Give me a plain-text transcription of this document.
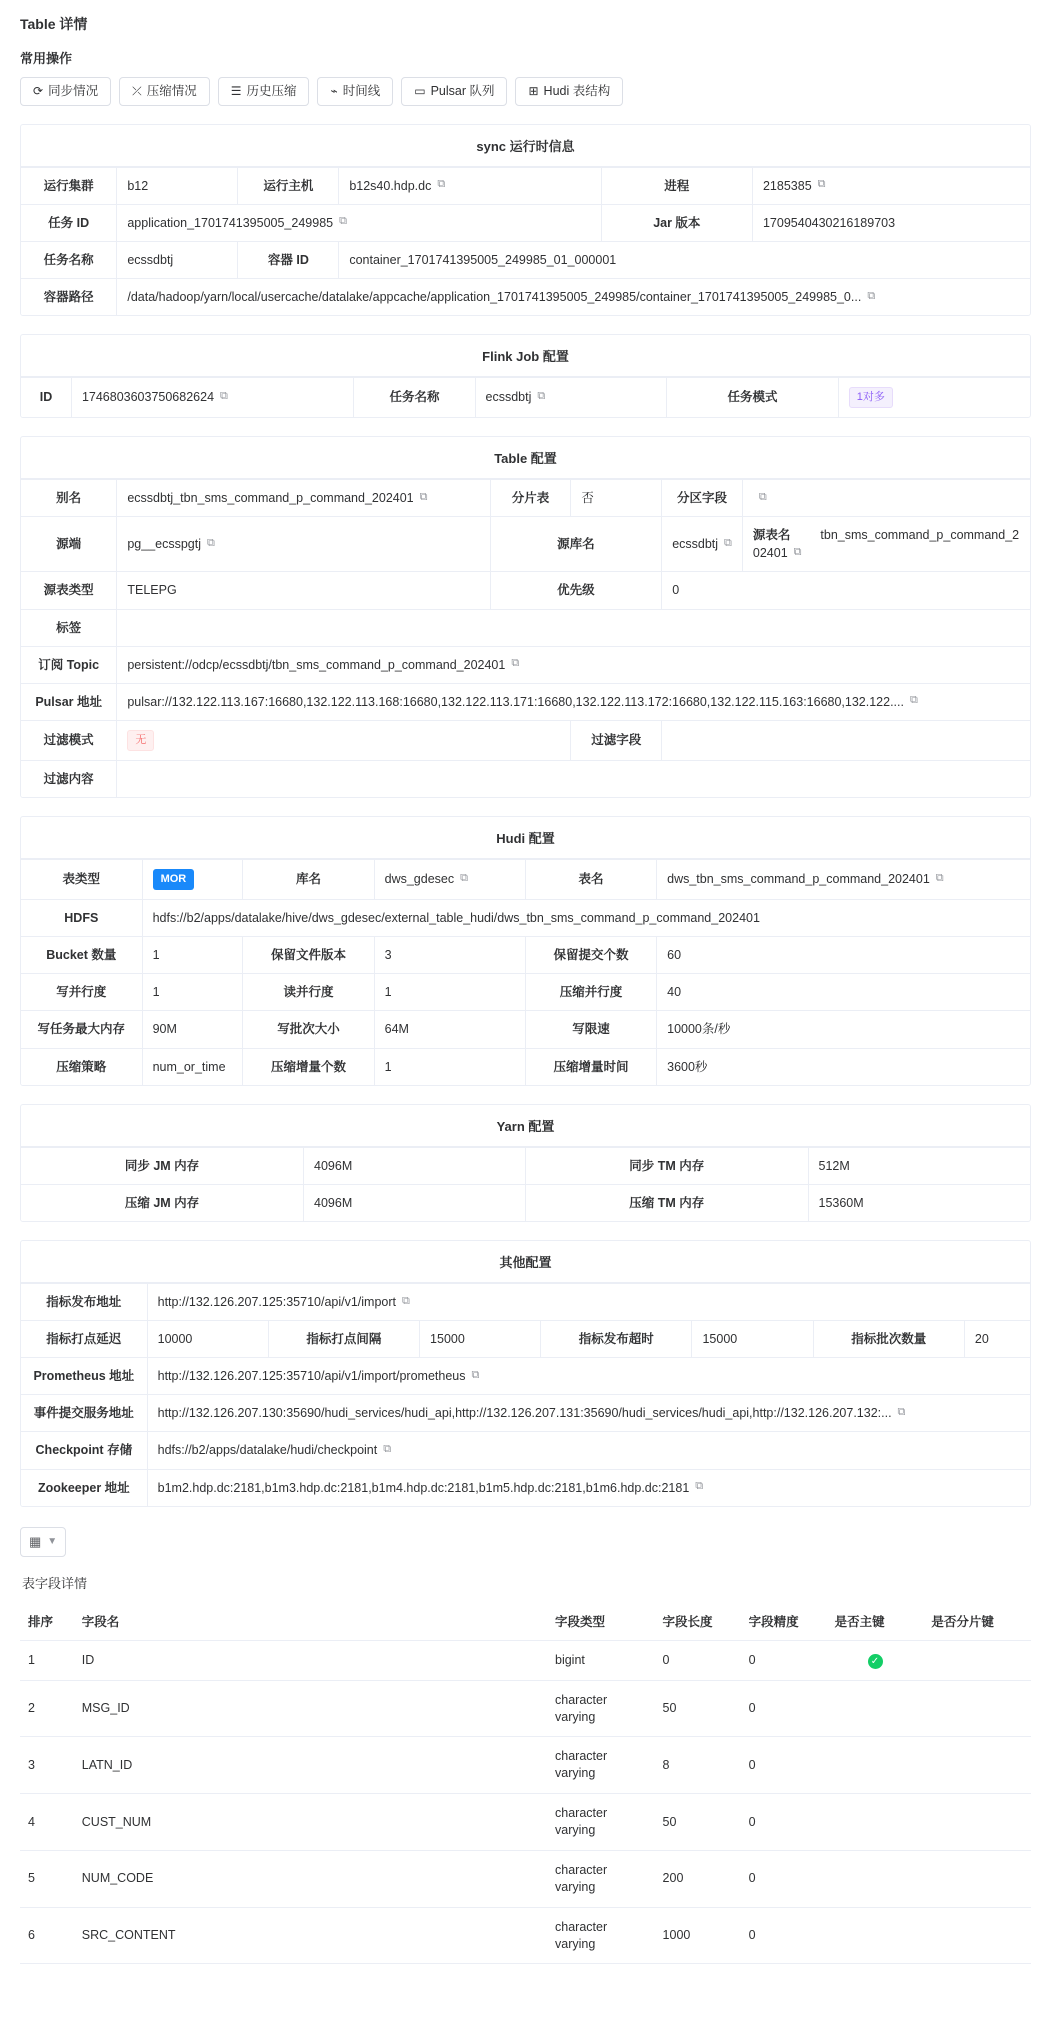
Table 详情
常用操作
⟳ 同步情况	⤫ 压缩情况	☰ 历史压缩	⌁ 时间线	▭ Pulsar 队列	⊞ Hudi 表结构
sync 运行时信息
运行集群	b12	运行主机	b12s40.hdp.dc ⧉	进程	2185385 ⧉
任务 ID	application_1701741395005_249985 ⧉			Jar 版本	1709540430216189703
任务名称	ecssdbtj	容器 ID	container_1701741395005_249985_01_000001		
容器路径	/data/hadoop/yarn/local/usercache/datalake/appcache/application_1701741395005_249985/container_1701741395005_249985_0... ⧉				
Flink Job 配置
ID	1746803603750682624 ⧉	任务名称	ecssdbtj ⧉	任务模式	1对多
Table 配置
别名	ecssdbtj_tbn_sms_command_p_command_202401 ⧉	分片表	否	分区字段	⧉
源端	pg__ecsspgtj ⧉	源库名		ecssdbtj ⧉	源表名 tbn_sms_command_p_command_202401 ⧉
源表类型	TELEPG	优先级		0	
标签					
订阅 Topic	persistent://odcp/ecssdbtj/tbn_sms_command_p_command_202401 ⧉				
Pulsar 地址	pulsar://132.122.113.167:16680,132.122.113.168:16680,132.122.113.171:16680,132.122.113.172:16680,132.122.115.163:16680,132.122.... ⧉				
过滤模式	无		过滤字段		
过滤内容					
Hudi 配置
表类型	MOR	库名	dws_gdesec ⧉	表名	dws_tbn_sms_command_p_command_202401 ⧉
HDFS	hdfs://b2/apps/datalake/hive/dws_gdesec/external_table_hudi/dws_tbn_sms_command_p_command_202401				
Bucket 数量	1	保留文件版本	3	保留提交个数	60
写并行度	1	读并行度	1	压缩并行度	40
写任务最大内存	90M	写批次大小	64M	写限速	10000条/秒
压缩策略	num_or_time	压缩增量个数	1	压缩增量时间	3600秒
Yarn 配置
同步 JM 内存	4096M	同步 TM 内存	512M
压缩 JM 内存	4096M	压缩 TM 内存	15360M
其他配置
指标发布地址	http://132.126.207.125:35710/api/v1/import ⧉						
指标打点延迟	10000	指标打点间隔	15000	指标发布超时	15000	指标批次数量	20
Prometheus 地址	http://132.126.207.125:35710/api/v1/import/prometheus ⧉						
事件提交服务地址	http://132.126.207.130:35690/hudi_services/hudi_api,http://132.126.207.131:35690/hudi_services/hudi_api,http://132.126.207.132:... ⧉						
Checkpoint 存储	hdfs://b2/apps/datalake/hudi/checkpoint ⧉						
Zookeeper 地址	b1m2.hdp.dc:2181,b1m3.hdp.dc:2181,b1m4.hdp.dc:2181,b1m5.hdp.dc:2181,b1m6.hdp.dc:2181 ⧉						
▦ ▼
表字段详情
排序	字段名	字段类型	字段长度	字段精度	是否主键	是否分片键
1	ID	bigint	0	0	✓	
2	MSG_ID	character varying	50	0		
3	LATN_ID	character varying	8	0		
4	CUST_NUM	character varying	50	0		
5	NUM_CODE	character varying	200	0		
6	SRC_CONTENT	character varying	1000	0		
